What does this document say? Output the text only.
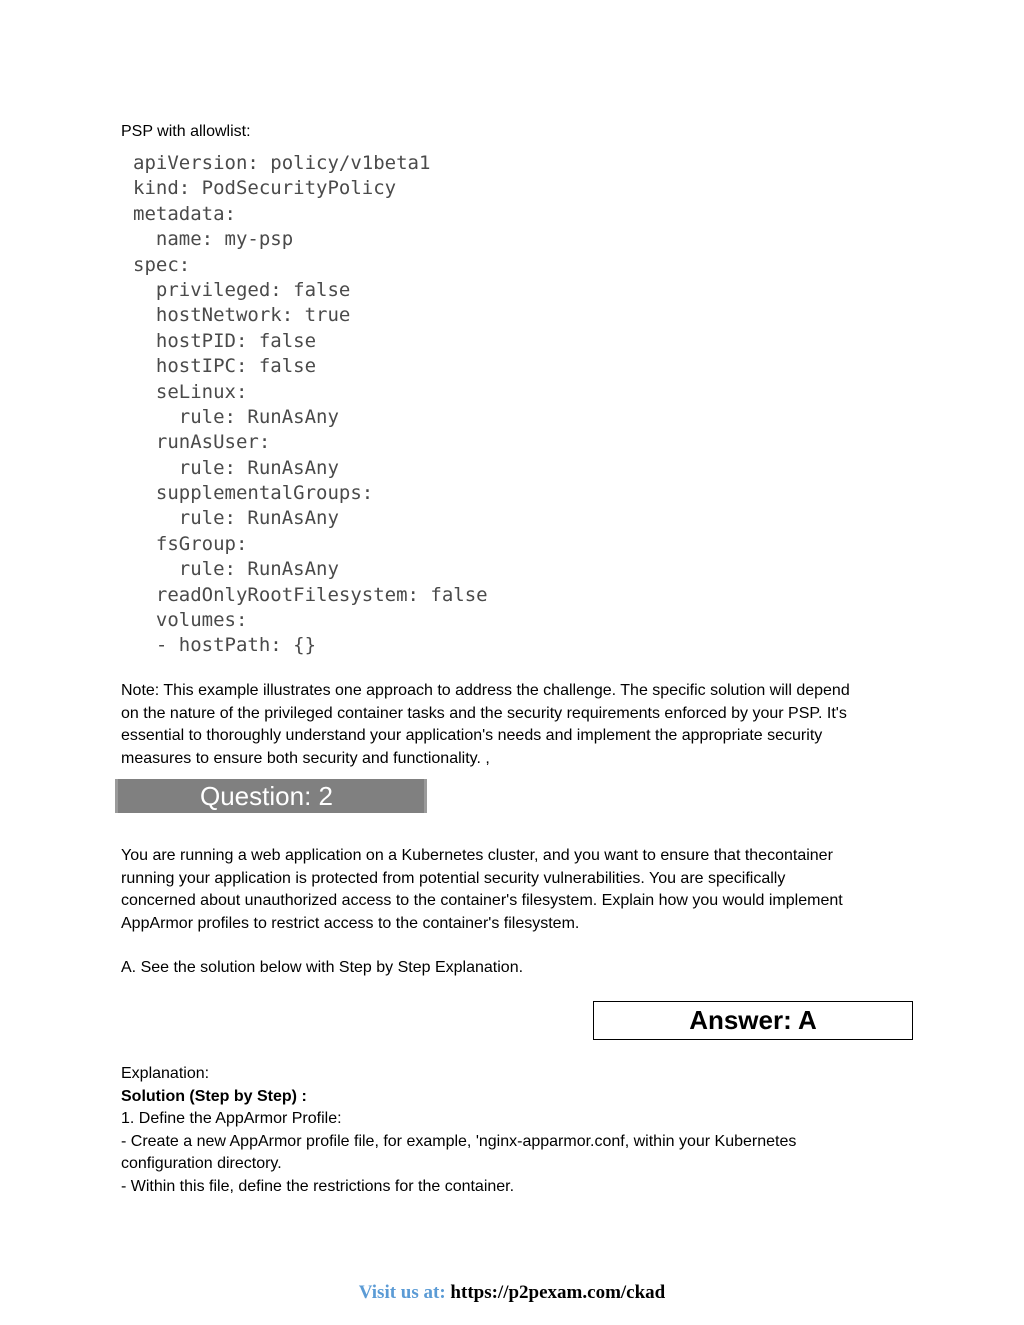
PSP with allowlist:

apiVersion: policy/v1beta1
kind: PodSecurityPolicy
metadata:
name: my-psp
spec:
privileged: false
hostNetwork: true
hostPID: false
hostIPC: false
seLinux:
rule: RunAsAny
runAsUser:
rule: RunAsAny
supplementalGroups:
rule: RunAsAny
fsGroup:
rule: RunAsAny
readOnlyRootFilesystem: false
volumes:
- hostPath: {}
Note: This example illustrates one approach to address the challenge. The specific solution will depend
on the nature of the privileged container tasks and the security requirements enforced by your PSP. It's
essential to thoroughly understand your application's needs and implement the appropriate security
measures to ensure both security and functionality. ,
Question: 2
You are running a web application on a Kubernetes cluster, and you want to ensure that thecontainer
running your application is protected from potential security vulnerabilities. You are specifically
concerned about unauthorized access to the container's filesystem. Explain how you would implement
AppArmor profiles to restrict access to the container's filesystem.

A. See the solution below with Step by Step Explanation.

Answer: A
Explanation:
Solution (Step by Step) :
1. Define the AppArmor Profile:
- Create a new AppArmor profile file, for example, 'nginx-apparmor.conf, within your Kubernetes
configuration directory.
- Within this file, define the restrictions for the container.
Visit us at: https://p2pexam.com/ckad
